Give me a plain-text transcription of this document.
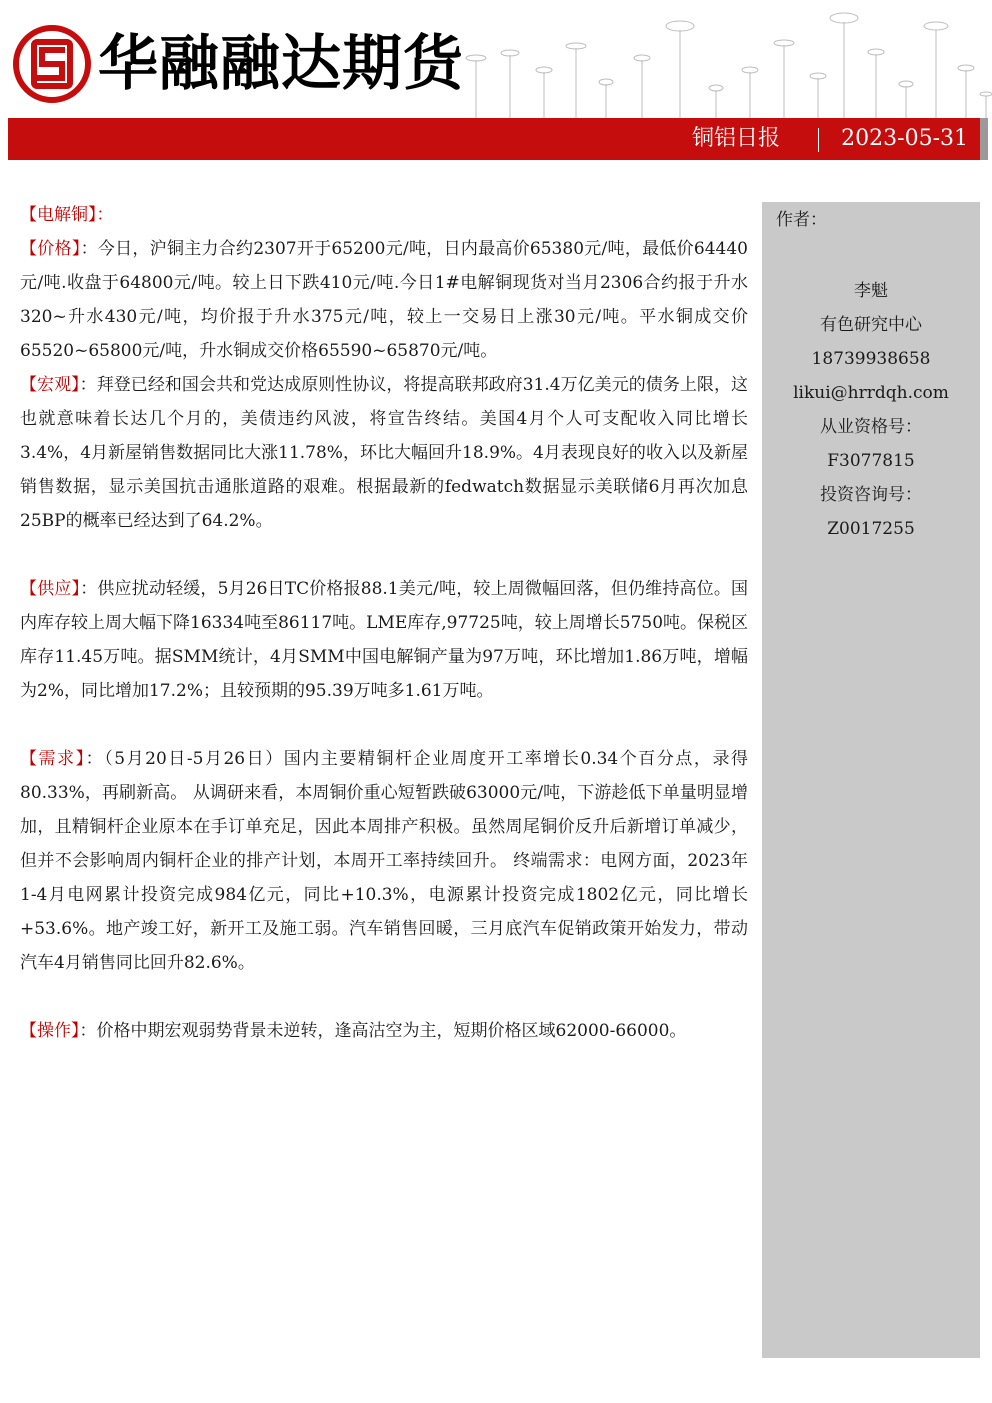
华融融达期货
铜铝日报	2023-05-31
作者：
李魁
有色研究中心
18739938658
likui@hrrdqh.com
从业资格号：
F3077815
投资咨询号：
Z0017255

【电解铜】：

【价格】：今日，沪铜主力合约2307开于65200元/吨，日内最高价65380元/吨，最低价64440元/吨.收盘于64800元/吨。较上日下跌410元/吨.今日1#电解铜现货对当月2306合约报于升水320~升水430元/吨，均价报于升水375元/吨，较上一交易日上涨30元/吨。平水铜成交价65520~65800元/吨，升水铜成交价格65590~65870元/吨。

【宏观】：拜登已经和国会共和党达成原则性协议，将提高联邦政府31.4万亿美元的债务上限，这也就意味着长达几个月的，美债违约风波，将宣告终结。美国4月个人可支配收入同比增长3.4%，4月新屋销售数据同比大涨11.78%，环比大幅回升18.9%。4月表现良好的收入以及新屋销售数据，显示美国抗击通胀道路的艰难。根据最新的fedwatch数据显示美联储6月再次加息25BP的概率已经达到了64.2%。

【供应】：供应扰动轻缓，5月26日TC价格报88.1美元/吨，较上周微幅回落，但仍维持高位。国内库存较上周大幅下降16334吨至86117吨。LME库存,97725吨，较上周增长5750吨。保税区库存11.45万吨。据SMM统计，4月SMM中国电解铜产量为97万吨，环比增加1.86万吨，增幅为2%，同比增加17.2%；且较预期的95.39万吨多1.61万吨。

【需求】：（5月20日-5月26日）国内主要精铜杆企业周度开工率增长0.34个百分点，录得80.33%，再刷新高。 从调研来看，本周铜价重心短暂跌破63000元/吨，下游趁低下单量明显增加，且精铜杆企业原本在手订单充足，因此本周排产积极。虽然周尾铜价反升后新增订单减少，但并不会影响周内铜杆企业的排产计划，本周开工率持续回升。 终端需求：电网方面，2023年1-4月电网累计投资完成984亿元，同比+10.3%，电源累计投资完成1802亿元，同比增长+53.6%。地产竣工好，新开工及施工弱。汽车销售回暖，三月底汽车促销政策开始发力，带动汽车4月销售同比回升82.6%。

【操作】：价格中期宏观弱势背景未逆转，逢高沽空为主，短期价格区域62000-66000。
